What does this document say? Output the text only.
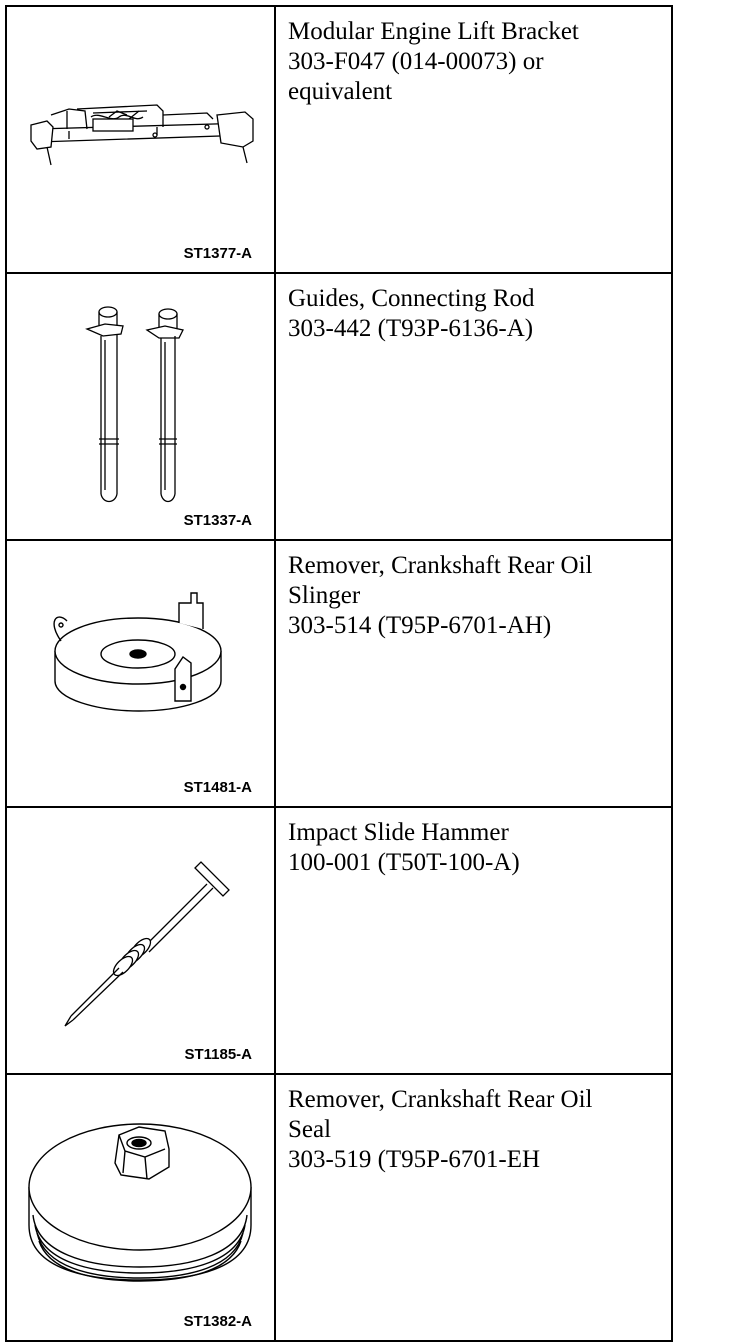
ST1377-A	Modular Engine Lift Bracket
303-F047 (014-00073) or
equivalent

ST1337-A	Guides, Connecting Rod
303-442 (T93P-6136-A)

ST1481-A	Remover, Crankshaft Rear Oil
Slinger
303-514 (T95P-6701-AH)

ST1185-A	Impact Slide Hammer
100-001 (T50T-100-A)

ST1382-A	Remover, Crankshaft Rear Oil
Seal
303-519 (T95P-6701-EH
